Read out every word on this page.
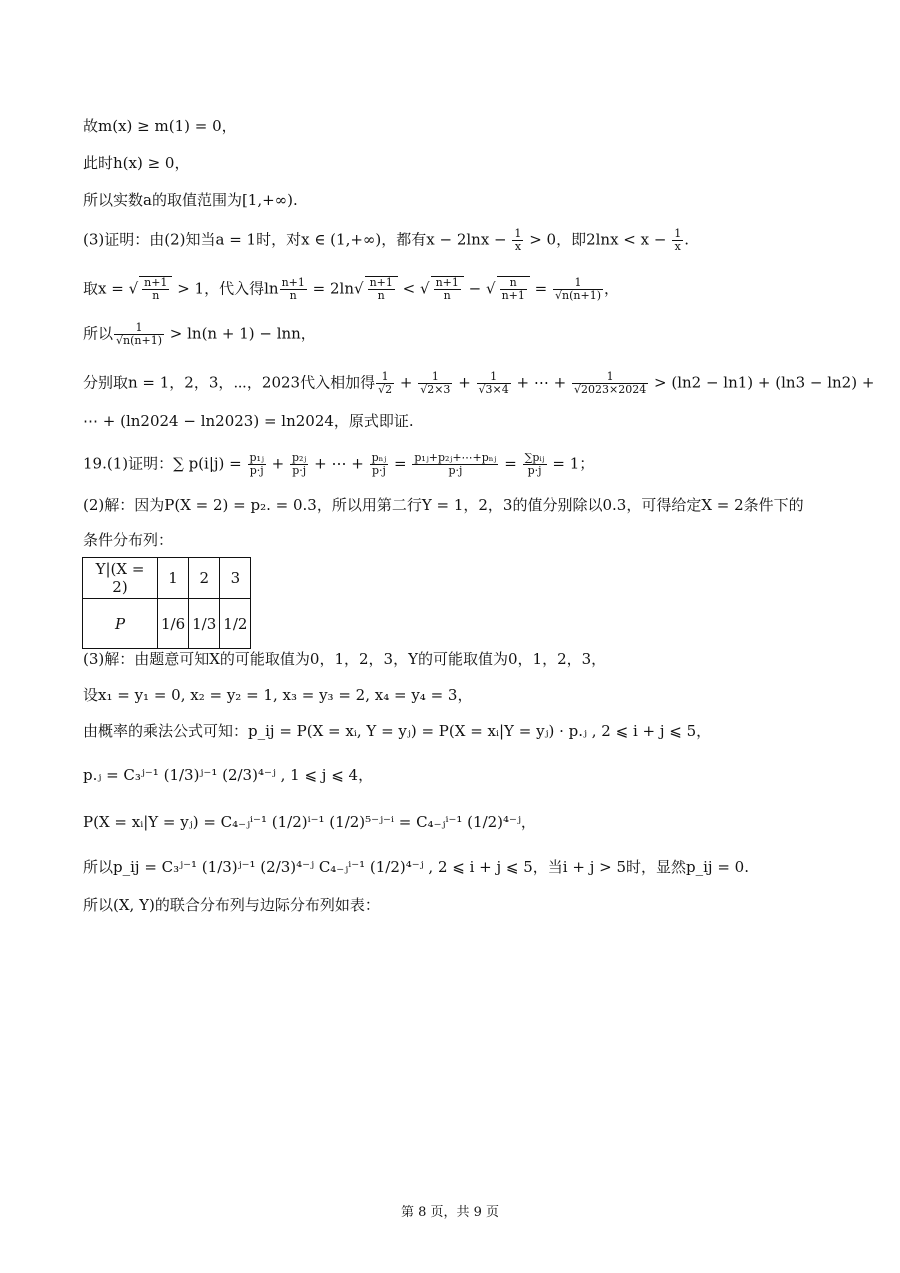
故m(x) ≥ m(1) = 0，
此时h(x) ≥ 0，
所以实数a的取值范围为[1,+∞).
(3)证明：由(2)知当a = 1时，对x ∈ (1,+∞)，都有$x - 2\ln x - \frac{1}{x} > 0$，即$2\ln x < x - \frac{1}{x}$ .
取x = √ $\frac{n+1}{n} > 1$，代入得$\ln \frac{n+1}{n} = 2\ln√ \frac{n+1}{n}$ < √ $\frac{n+1}{n}$ − √ $\frac{n}{n+1} = \frac{1}{√n(n+1)}$ ，
所以 $\frac{1}{√n(n+1)} > \ln(n + 1) - \ln n$，
分别取n = 1，2，3，⋯，2023代入相加得 $\frac{1}{√2} + \frac{1}{√2\times 3} + \frac{1}{√3\times 4}$ + ⋯ + $\frac{1}{√2023\times 2024} > (\ln 2 - \ln 1) + (\ln 3 - \ln 2)$ +
⋯ + (ln2024 − ln2023) = ln2024，原式即证.
19.(1)证明：∑ $p(i|j) = \frac{\text{p₁ⱼ}}{p\cdot j} + \frac{\text{p₂ⱼ}}{p\cdot j}$ + ⋯ + $\frac{\text{pₙⱼ}}{p\cdot j} = \frac{\text{p₁ⱼ+p₂ⱼ+⋯+pₙⱼ}}{p\cdot j} = \frac{\text{∑pᵢⱼ}}{p\cdot j} = 1$；
(2)解：因为P(X = 2) = p₂. = 0.3，所以用第二行Y = 1，2，3的值分别除以0.3，可得给定X = 2条件下的
条件分布列：
Y|(X = 2)	1	2	3
P	1/6	1/3	1/2
(3)解：由题意可知X的可能取值为0，1，2，3，Y的可能取值为0，1，2，3，
设x₁ = y₁ = 0, x₂ = y₂ = 1, x₃ = y₃ = 2, x₄ = y₄ = 3，
由概率的乘法公式可知：p_ij = P(X = xᵢ, Y = yⱼ) = P(X = xᵢ|Y = yⱼ) · p.ⱼ , 2 ⩽ i + j ⩽ 5，
p.ⱼ = C₃ʲ⁻¹ (1/3)ʲ⁻¹ (2/3)⁴⁻ʲ , 1 ⩽ j ⩽ 4，
P(X = xᵢ|Y = yⱼ) = C₄₋ⱼⁱ⁻¹ (1/2)ⁱ⁻¹ (1/2)⁵⁻ʲ⁻ⁱ = C₄₋ⱼⁱ⁻¹ (1/2)⁴⁻ʲ，
所以p_ij = C₃ʲ⁻¹ (1/3)ʲ⁻¹ (2/3)⁴⁻ʲ C₄₋ⱼⁱ⁻¹ (1/2)⁴⁻ʲ , 2 ⩽ i + j ⩽ 5，当i + j > 5时，显然p_ij = 0.
所以(X, Y)的联合分布列与边际分布列如表：
第 8 页，共 9 页
